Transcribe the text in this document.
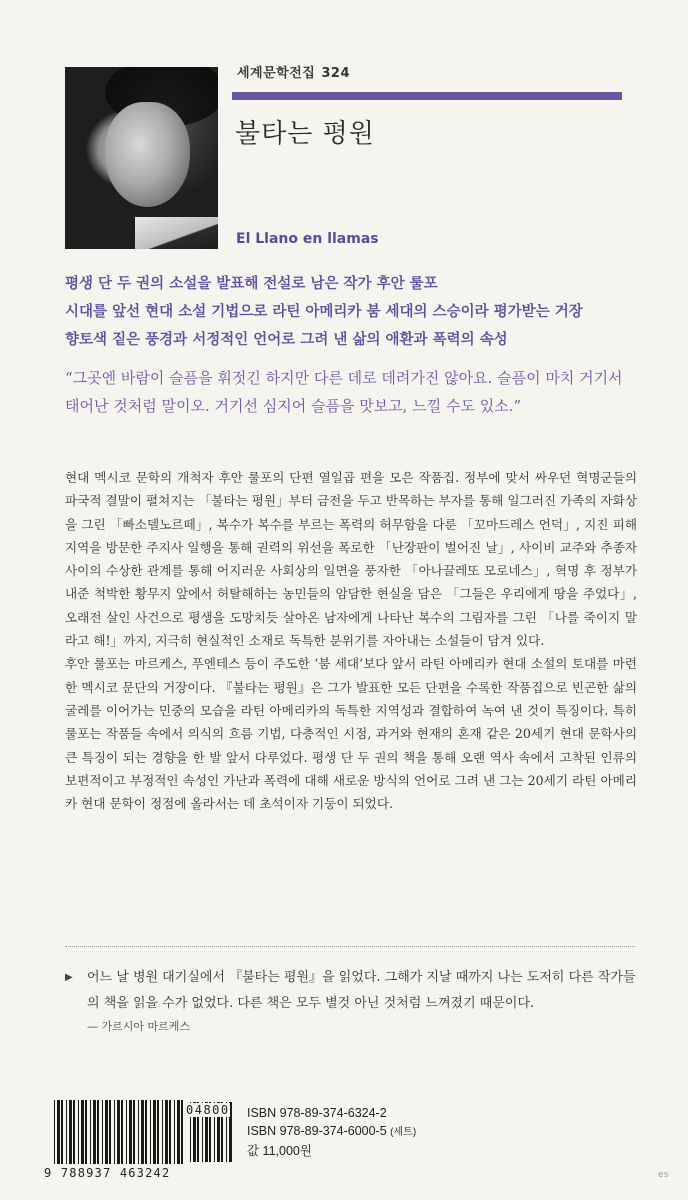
세계문학전집 324
불타는 평원
El Llano en llamas
평생 단 두 권의 소설을 발표해 전설로 남은 작가 후안 룰포
시대를 앞선 현대 소설 기법으로 라틴 아메리카 붐 세대의 스승이라 평가받는 거장
향토색 짙은 풍경과 서정적인 언어로 그려 낸 삶의 애환과 폭력의 속성
“그곳엔 바람이 슬픔을 휘젓긴 하지만 다른 데로 데려가진 않아요. 슬픔이 마치 거기서 태어난 것처럼 말이오. 거기선 심지어 슬픔을 맛보고, 느낄 수도 있소.”

현대 멕시코 문학의 개척자 후안 룰포의 단편 열일곱 편을 모은 작품집. 정부에 맞서 싸우던 혁명군들의 파국적 결말이 펼쳐지는 「불타는 평원」부터 금전을 두고 반목하는 부자를 통해 일그러진 가족의 자화상을 그린 「빠소델노르떼」, 복수가 복수를 부르는 폭력의 허무함을 다룬 「꼬마드레스 언덕」, 지진 피해 지역을 방문한 주지사 일행을 통해 권력의 위선을 폭로한 「난장판이 벌어진 날」, 사이비 교주와 추종자 사이의 수상한 관계를 통해 어지러운 사회상의 일면을 풍자한 「아나끌레또 모로네스」, 혁명 후 정부가 내준 척박한 황무지 앞에서 허탈해하는 농민들의 암담한 현실을 담은 「그들은 우리에게 땅을 주었다」, 오래전 살인 사건으로 평생을 도망치듯 살아온 남자에게 나타난 복수의 그림자를 그린 「나를 죽이지 말라고 해!」까지, 지극히 현실적인 소재로 독특한 분위기를 자아내는 소설들이 담겨 있다.

후안 룰포는 마르케스, 푸엔테스 등이 주도한 ‘붐 세대’보다 앞서 라틴 아메리카 현대 소설의 토대를 마련한 멕시코 문단의 거장이다. 『불타는 평원』은 그가 발표한 모든 단편을 수록한 작품집으로 빈곤한 삶의 굴레를 이어가는 민중의 모습을 라틴 아메리카의 독특한 지역성과 결합하여 녹여 낸 것이 특징이다. 특히 룰포는 작품들 속에서 의식의 흐름 기법, 다층적인 시점, 과거와 현재의 혼재 같은 20세기 현대 문학사의 큰 특징이 되는 경향을 한 발 앞서 다루었다. 평생 단 두 권의 책을 통해 오랜 역사 속에서 고착된 인류의 보편적이고 부정적인 속성인 가난과 폭력에 대해 새로운 방식의 언어로 그려 낸 그는 20세기 라틴 아메리카 현대 문학이 정점에 올라서는 데 초석이자 기둥이 되었다.

▶	어느 날 병원 대기실에서 『불타는 평원』을 읽었다. 그해가 지날 때까지 나는 도저히 다른 작가들의 책을 읽을 수가 없었다. 다른 책은 모두 별것 아닌 것처럼 느껴졌기 때문이다.
— 가르시아 마르케스
9 788937 463242
04800 ISBN 978-89-374-6324-2
ISBN 978-89-374-6000-5 (세트)
값 11,000원
es
